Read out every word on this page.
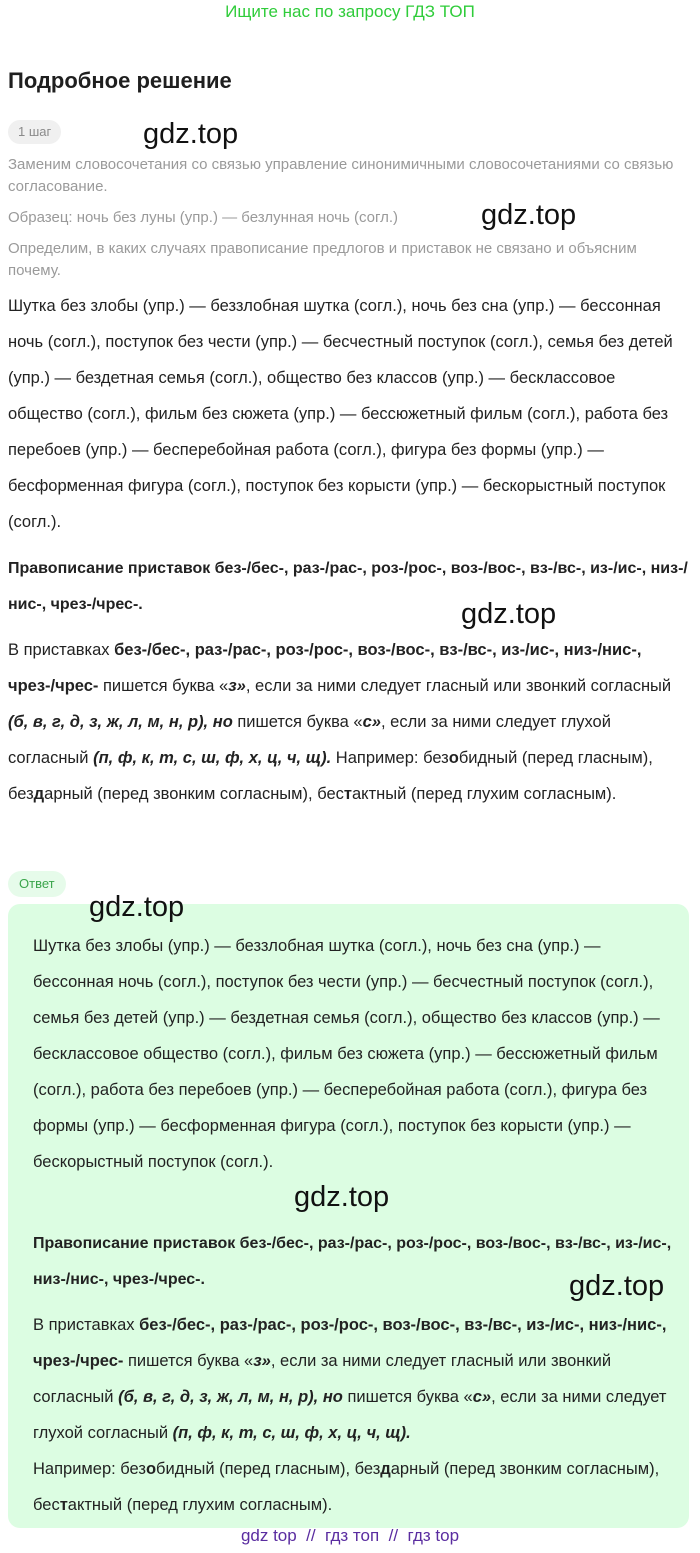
Ищите нас по запросу ГДЗ ТОП
Подробное решение
1 шаг	gdz.top
gdz.top
gdz.top
gdz.top
gdz.top
gdz.top
Заменим словосочетания со связью управление синонимичными словосочетаниями со связью согласование.
Образец: ночь без луны (упр.) — безлунная ночь (согл.)
Определим, в каких случаях правописание предлогов и приставок не связано и объясним почему.
Шутка без злобы (упр.) — беззлобная шутка (согл.), ночь без сна (упр.) — бессонная ночь (согл.), поступок без чести (упр.) — бесчестный поступок (согл.), семья без детей (упр.) — бездетная семья (согл.), общество без классов (упр.) — бесклассовое общество (согл.), фильм без сюжета (упр.) — бессюжетный фильм (согл.), работа без перебоев (упр.) — бесперебойная работа (согл.), фигура без формы (упр.) — бесформенная фигура (согл.), поступок без корысти (упр.) — бескорыстный поступок (согл.).
Правописание приставок без-/бес-, раз-/рас-, роз-/рос-, воз-/вос-, вз-/вс-, из-/ис-, низ-/нис-, чрез-/чрес-.
В приставках без-/бес-, раз-/рас-, роз-/рос-, воз-/вос-, вз-/вс-, из-/ис-, низ-/нис-, чрез-/чрес- пишется буква «з», если за ними следует гласный или звонкий согласный (б, в, г, д, з, ж, л, м, н, р), но пишется буква «с», если за ними следует глухой согласный (п, ф, к, т, с, ш, ф, х, ц, ч, щ). Например: безобидный (перед гласным), бездарный (перед звонким согласным), бестактный (перед глухим согласным).
Ответ
Шутка без злобы (упр.) — беззлобная шутка (согл.), ночь без сна (упр.) — бессонная ночь (согл.), поступок без чести (упр.) — бесчестный поступок (согл.), семья без детей (упр.) — бездетная семья (согл.), общество без классов (упр.) — бесклассовое общество (согл.), фильм без сюжета (упр.) — бессюжетный фильм (согл.), работа без перебоев (упр.) — бесперебойная работа (согл.), фигура без формы (упр.) — бесформенная фигура (согл.), поступок без корысти (упр.) — бескорыстный поступок (согл.).
Правописание приставок без-/бес-, раз-/рас-, роз-/рос-, воз-/вос-, вз-/вс-, из-/ис-, низ-/нис-, чрез-/чрес-.
В приставках без-/бес-, раз-/рас-, роз-/рос-, воз-/вос-, вз-/вс-, из-/ис-, низ-/нис-, чрез-/чрес- пишется буква «з», если за ними следует гласный или звонкий согласный (б, в, г, д, з, ж, л, м, н, р), но пишется буква «с», если за ними следует глухой согласный (п, ф, к, т, с, ш, ф, х, ц, ч, щ).
Например: безобидный (перед гласным), бездарный (перед звонким согласным), бестактный (перед глухим согласным).
gdz top  //  гдз топ  //  гдз top
